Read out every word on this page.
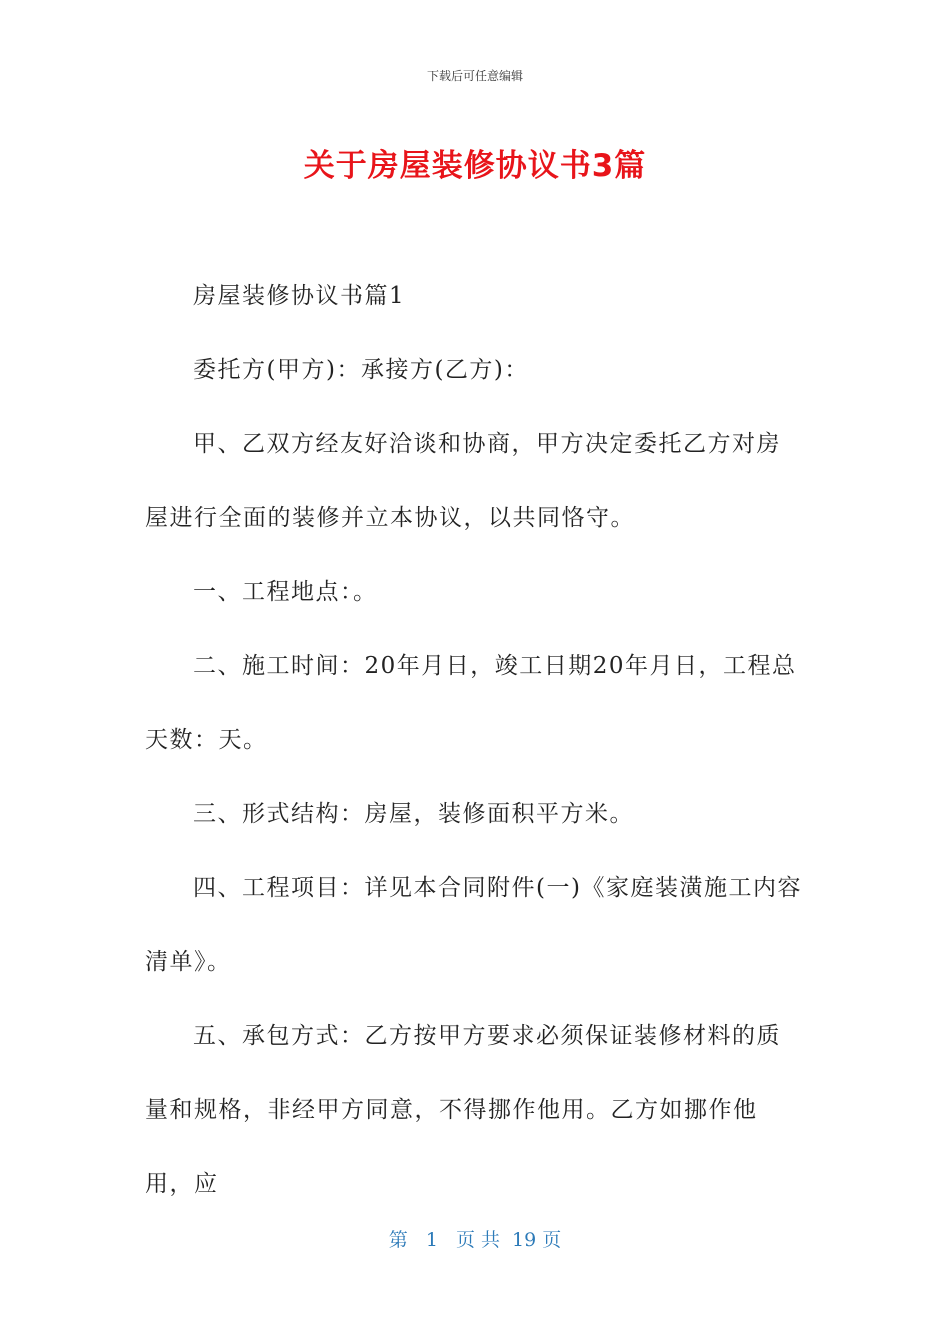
下载后可任意编辑
关于房屋装修协议书3篇

房屋装修协议书篇1

委托方(甲方)：承接方(乙方)：

甲、乙双方经友好洽谈和协商，甲方决定委托乙方对房屋进行全面的装修并立本协议，以共同恪守。

一、工程地点：。

二、施工时间：20年月日，竣工日期20年月日，工程总天数：天。

三、形式结构：房屋，装修面积平方米。

四、工程项目：详见本合同附件(一)《家庭装潢施工内容清单》。

五、承包方式：乙方按甲方要求必须保证装修材料的质量和规格，非经甲方同意，不得挪作他用。乙方如挪作他用，应

第 1 页 共 19 页
